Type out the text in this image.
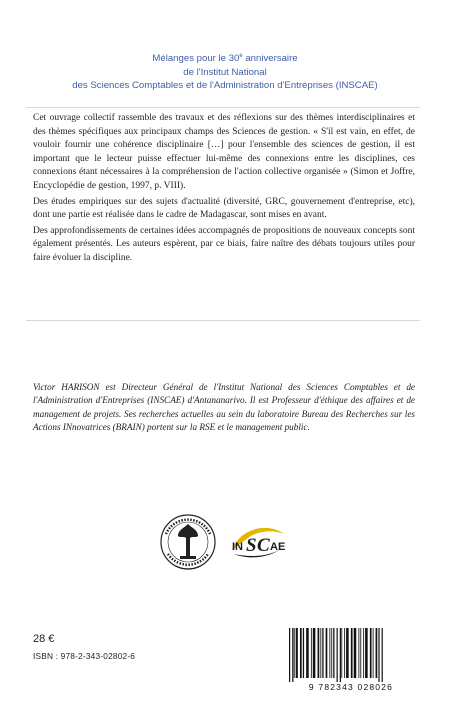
Mélanges pour le 30e anniversaire
de l'Institut National
des Sciences Comptables et de l'Administration d'Entreprises (INSCAE)

Cet ouvrage collectif rassemble des travaux et des réflexions sur des thèmes interdisciplinaires et des thèmes spécifiques aux principaux champs des Sciences de gestion. « S'il est vain, en effet, de vouloir fournir une cohérence disciplinaire […] pour l'ensemble des sciences de gestion, il est important que le lecteur puisse effectuer lui-même des connexions entre les disciplines, ces connexions étant nécessaires à la compréhension de l'action collective organisée » (Simon et Joffre, Encyclopédie de gestion, 1997, p. VIII).

Des études empiriques sur des sujets d'actualité (diversité, GRC, gouvernement d'entreprise, etc), dont une partie est réalisée dans le cadre de Madagascar, sont mises en avant.

Des approfondissements de certaines idées accompagnés de propositions de nouveaux concepts sont également présentés. Les auteurs espèrent, par ce biais, faire naître des débats toujours utiles pour faire évoluer la discipline.

Victor HARISON est Directeur Général de l'Institut National des Sciences Comptables et de l'Administration d'Entreprises (INSCAE) d'Antananarivo. Il est Professeur d'éthique des affaires et de management de projets. Ses recherches actuelles au sein du laboratoire Bureau des Recherches sur les Actions INnovatrices (BRAIN) portent sur la RSE et le management public.

IN S C AE
28 €
ISBN : 978-2-343-02802-6
9 782343 028026
